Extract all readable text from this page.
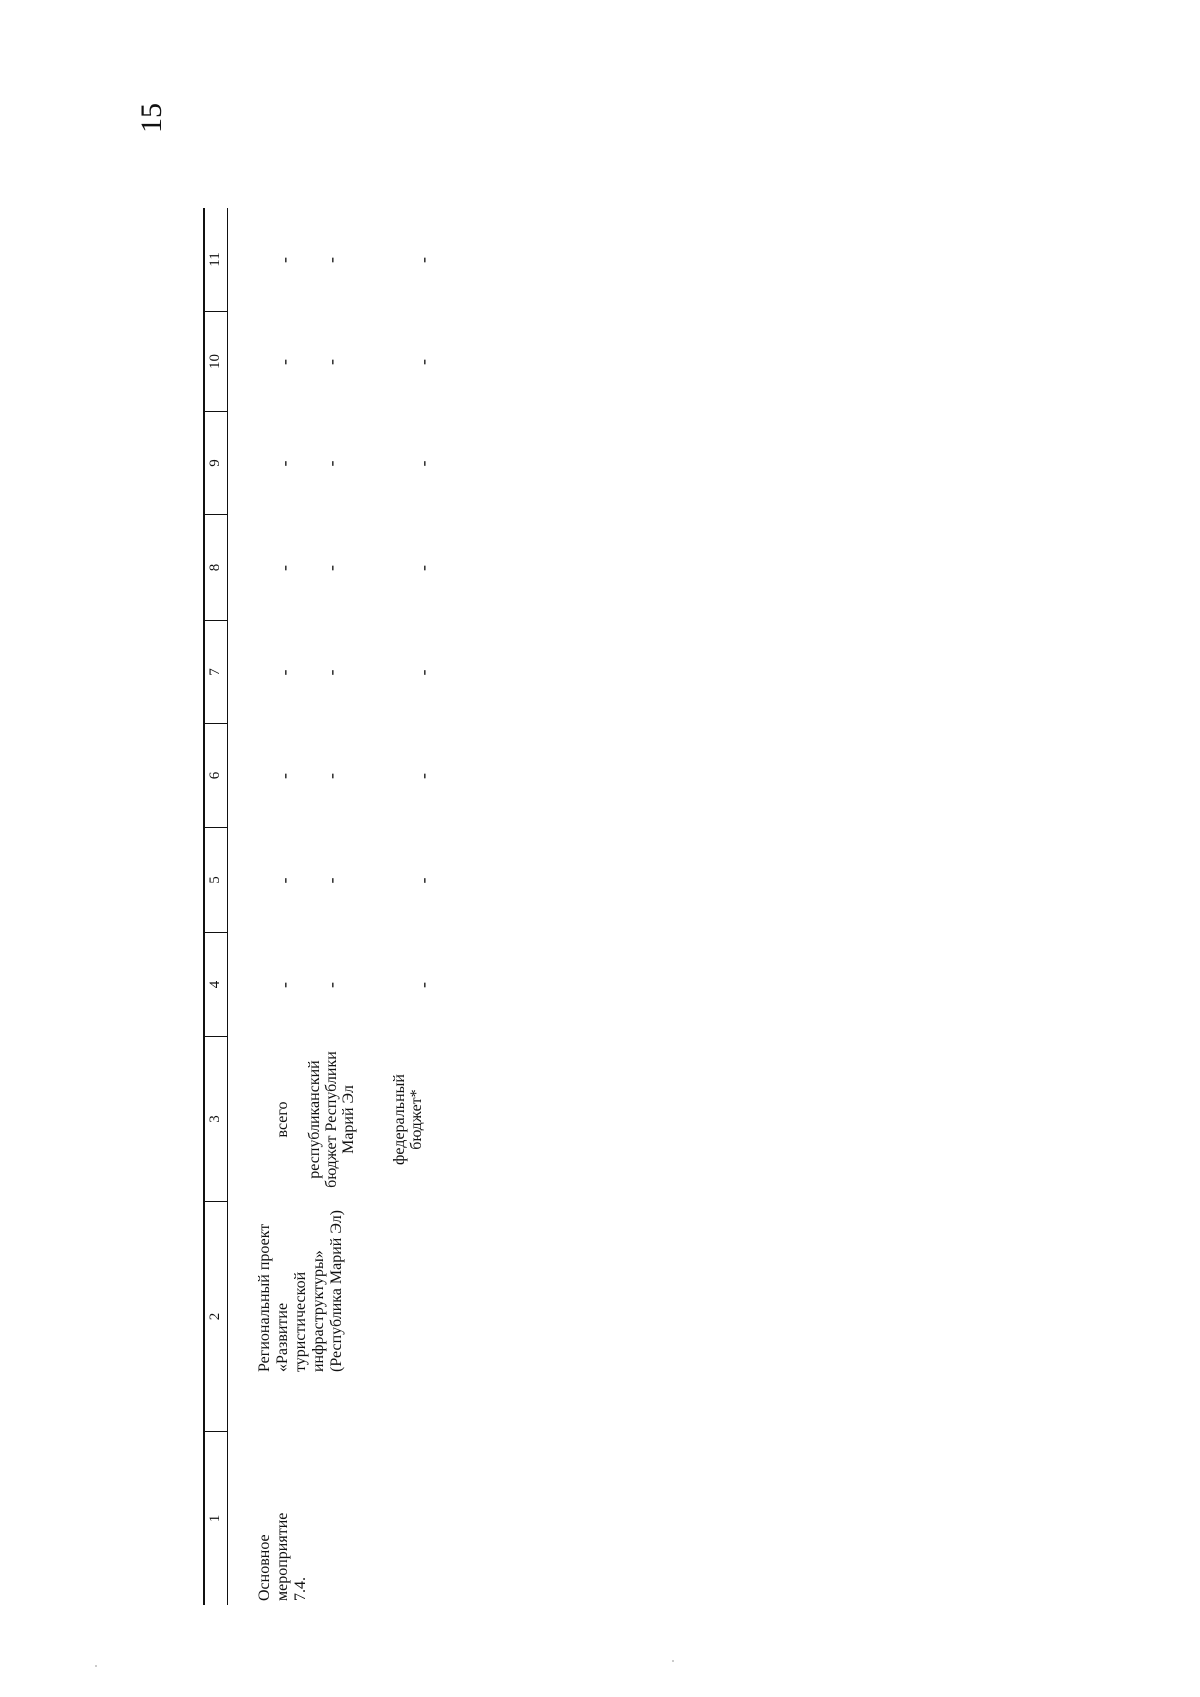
15
1
2
3
4
5
6
7
8
9
10
11
Основное мероприятие 7.4.
Региональный проект «Развитие туристической инфраструктуры» (Республика Марий Эл)
всего республиканский бюджет Республики Марий Эл федеральный бюджет*
-
-
-
-
-
-
-
-
-
-
-
-
-
-
-
-
-
-
-
-
-
-
-
-
